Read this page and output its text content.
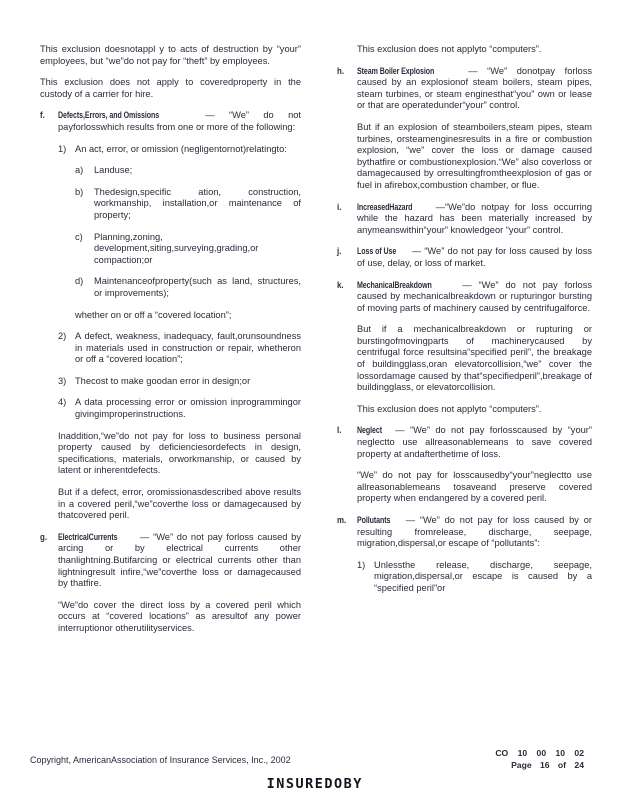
This exclusion doesnotappl y to acts of destruction by “your” employees, but “we”do not pay for “theft” by employees.

This exclusion does not apply to coveredproperty in the custody of a carrier for hire.

f.	Defects,Errors, and Omissions	— “We” do not payforlosswhich results from one or more of the following:

1) An act, error, or omission (negligentornot)relatingto:

a)	Landuse;

b)	Thedesign,specific ation, construction, workmanship, installation,or maintenance of property;

c)	Planning,zoning, development,siting,surveying,grading,or compaction;or

d)	Maintenanceofproperty(such as land, structures, or improvements);

whether on or off a “covered location”;

2) A defect, weakness, inadequacy, fault,orunsoundness in materials used in construction or repair, whetheron or off a “covered location”;

3) Thecost to make goodan error in design;or

4) A data processing error or omission inprogrammingor givingimproperinstructions.

Inaddition,“we”do not pay for loss to business personal property caused by deficienciesordefects in design, specifications, materials, orworkmanship, or caused by latent or inherentdefects.

But if a defect, error, oromissionasdescribed above results in a covered peril,“we”coverthe loss or damagecaused by thatcovered peril.

g.	ElectricalCurrents — “We” do not pay forloss caused by arcing or by electrical currents other thanlightning.Butifarcing or electrical currents other than lightningresult infire,“we”coverthe loss or damagecaused by thatfire.

“We”do cover the direct loss by a covered peril which occurs at “covered locations” as aresultof any power interruptionor otherutilityservices.

This exclusion does not applyto “computers”.

h.	Steam Boiler Explosion	— “We” donotpay forloss caused by an explosionof steam boilers, steam pipes, steam turbines, or steam enginesthat“you” own or lease or that are operatedunder“your” control.

But if an explosion of steamboilers,steam pipes, steam turbines, orsteamenginesresults in a fire or combustion explosion, “we” cover the loss or damage caused bythatfire or combustionexplosion.“We” also coverloss or damagecaused by orresultingfromtheexplosion of gas or fuel in afirebox,combustion chamber, or flue.

i.	IncreasedHazard	—“We”do notpay for loss occurring while the hazard has been materially increased by anymeanswithin“your” knowledgeor “your” control.

j.	Loss of Use — “We” do not pay for loss caused by loss of use, delay, or loss of market.

k.	MechanicalBreakdown	— “We” do not pay forloss caused by mechanicalbreakdown or rupturingor bursting of moving parts of machinery caused by centrifugalforce.

But if a mechanicalbreakdown or rupturing or burstingofmovingparts of machinerycaused by centrifugal force resultsina“specified peril”, the breakage of buildingglass,oran elevatorcollision,“we” cover the lossordamage caused by that“specifiedperil”,breakage of buildingglass, or elevatorcollision.

This exclusion does not applyto “computers”.

l.	Neglect — “We” do not pay forlosscaused by “your” neglectto use allreasonablemeans to save covered property at andafterthetime of loss.

“We” do not pay for losscausedby“your”neglectto use allreasonablemeans tosaveand preserve covered property when endangered by a covered peril.

m.	Pollutants — “We” do not pay for loss caused by or resulting fromrelease, discharge, seepage, migration,dispersal,or escape of “pollutants”:

1) Unlessthe release, discharge, seepage, migration,dispersal,or escape is caused by a “specified peril”or

Copyright, AmericanAssociation of Insurance Services, Inc., 2002
CO 10 00 10 02
Page 16 of 24
INSUREDOBY
